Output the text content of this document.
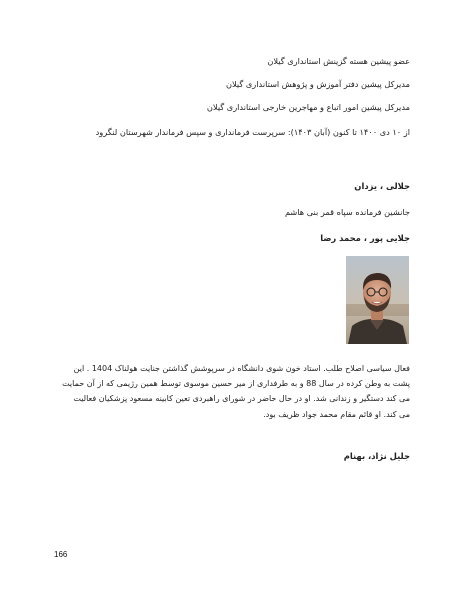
عضو پیشین هسته گزینش استانداری گیلان
مدیرکل پیشین دفتر آموزش و پژوهش استانداری گیلان
مدیرکل پیشین امور اتباع و مهاجرین خارجی استانداری گیلان
از ۱۰ دی ۱۴۰۰ تا کنون (آبان ۱۴۰۳): سرپرست فرمانداری و سپس فرماندار شهرستان لنگرود
جلالی ، یزدان
جانشین فرمانده سپاه قمر بنی هاشم
جلایی پور ، محمد رضا
فعال سیاسی اصلاح طلب. استاد خون شوی دانشگاه در سرپوشش گذاشتن جنایت هولناک 1404 . این پشت به وطن کرده در سال 88 و به طرفداری از میر حسین موسوی توسط همین رژیمی که از آن حمایت می کند دستگیر و زندانی شد. او در حال حاضر در شورای راهبردی تعین کابینه مسعود پزشکیان فعالیت می کند. او قائم مقام محمد جواد ظریف بود.
جلیل نژاد، بهنام
166
